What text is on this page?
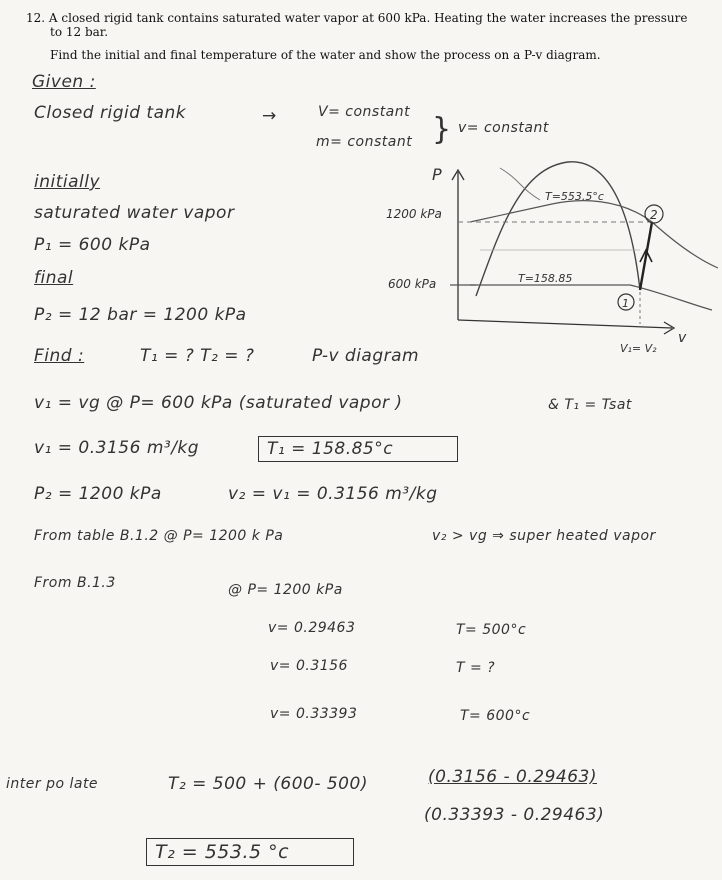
12. A closed rigid tank contains saturated water vapor at 600 kPa. Heating the water increases the pressure
to 12 bar.
Find the initial and final temperature of the water and show the process on a P-v diagram.
Given :
Closed rigid tank	→	V= constant
m= constant } v= constant
initially
saturated water vapor
P₁ = 600 kPa
final
P₂ = 12 bar = 1200 kPa
Find :	T₁ = ? T₂ = ?	P-v diagram
P
v
1200 kPa
600 kPa
T=553.5°c
T=158.85
2
1
V₁= V₂
v₁ = vg @ P= 600 kPa (saturated vapor )	& T₁ = Tsat
v₁ = 0.3156 m³/kg	T₁ = 158.85°c
P₂ = 1200 kPa	v₂ = v₁ = 0.3156 m³/kg
From table B.1.2 @ P= 1200 k Pa	v₂ > vg ⇒ super heated vapor
From B.1.3	@ P= 1200 kPa
v= 0.29463	T= 500°c
v= 0.3156	T = ?
v= 0.33393	T= 600°c
inter po late	T₂ = 500 + (600- 500)	(0.3156 - 0.29463)
(0.33393 - 0.29463)
T₂ = 553.5 °c
